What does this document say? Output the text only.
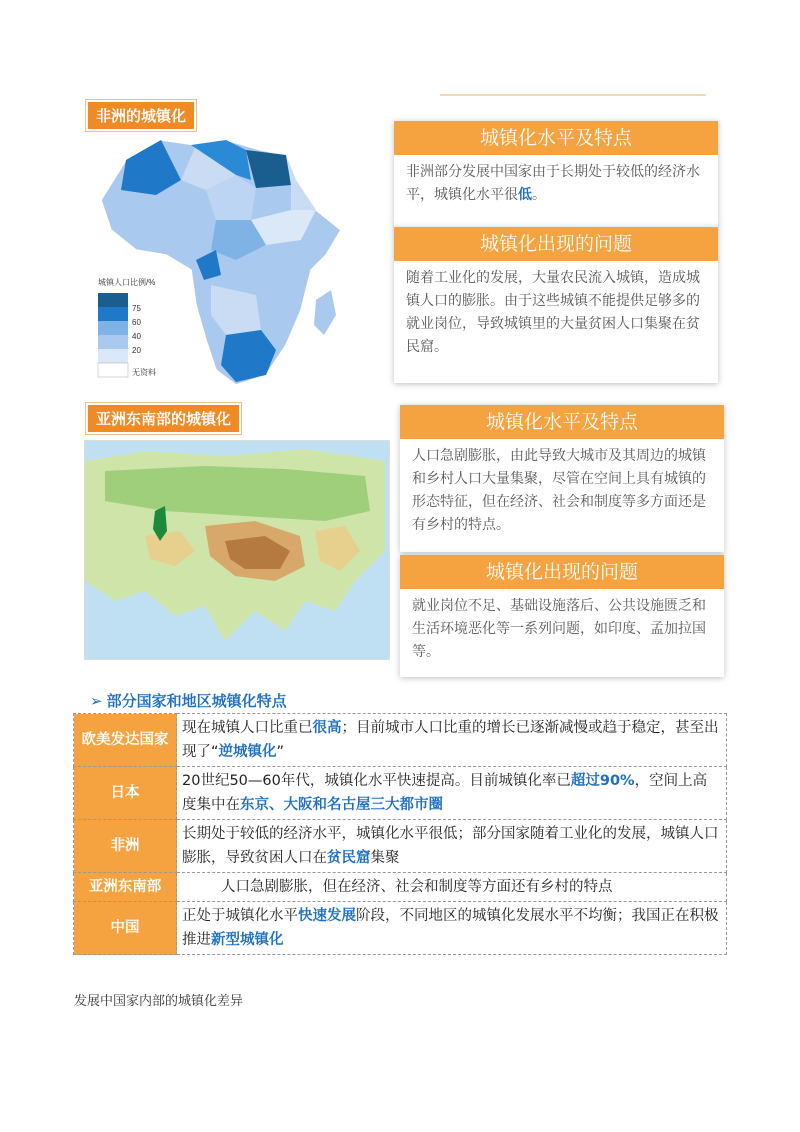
非洲的城镇化
城镇人口比例/%
75
60
40
20
无资料
城镇化水平及特点
非洲部分发展中国家由于长期处于较低的经济水平，城镇化水平很低。
城镇化出现的问题
随着工业化的发展，大量农民流入城镇，造成城镇人口的膨胀。由于这些城镇不能提供足够多的就业岗位，导致城镇里的大量贫困人口集聚在贫民窟。
亚洲东南部的城镇化	城镇化水平及特点
人口急剧膨胀，由此导致大城市及其周边的城镇和乡村人口大量集聚，尽管在空间上具有城镇的形态特征，但在经济、社会和制度等多方面还是有乡村的特点。
城镇化出现的问题
就业岗位不足、基础设施落后、公共设施匮乏和生活环境恶化等一系列问题，如印度、孟加拉国等。
➢ 部分国家和地区城镇化特点
欧美发达国家	现在城镇人口比重已很高；目前城市人口比重的增长已逐渐减慢或趋于稳定，甚至出现了“逆城镇化”
日本	20世纪50—60年代，城镇化水平快速提高。目前城镇化率已超过90%，空间上高度集中在东京、大阪和名古屋三大都市圈
非洲	长期处于较低的经济水平，城镇化水平很低；部分国家随着工业化的发展，城镇人口膨胀，导致贫困人口在贫民窟集聚
亚洲东南部	人口急剧膨胀，但在经济、社会和制度等方面还有乡村的特点
中国	正处于城镇化水平快速发展阶段，不同地区的城镇化发展水平不均衡；我国正在积极推进新型城镇化
发展中国家内部的城镇化差异
